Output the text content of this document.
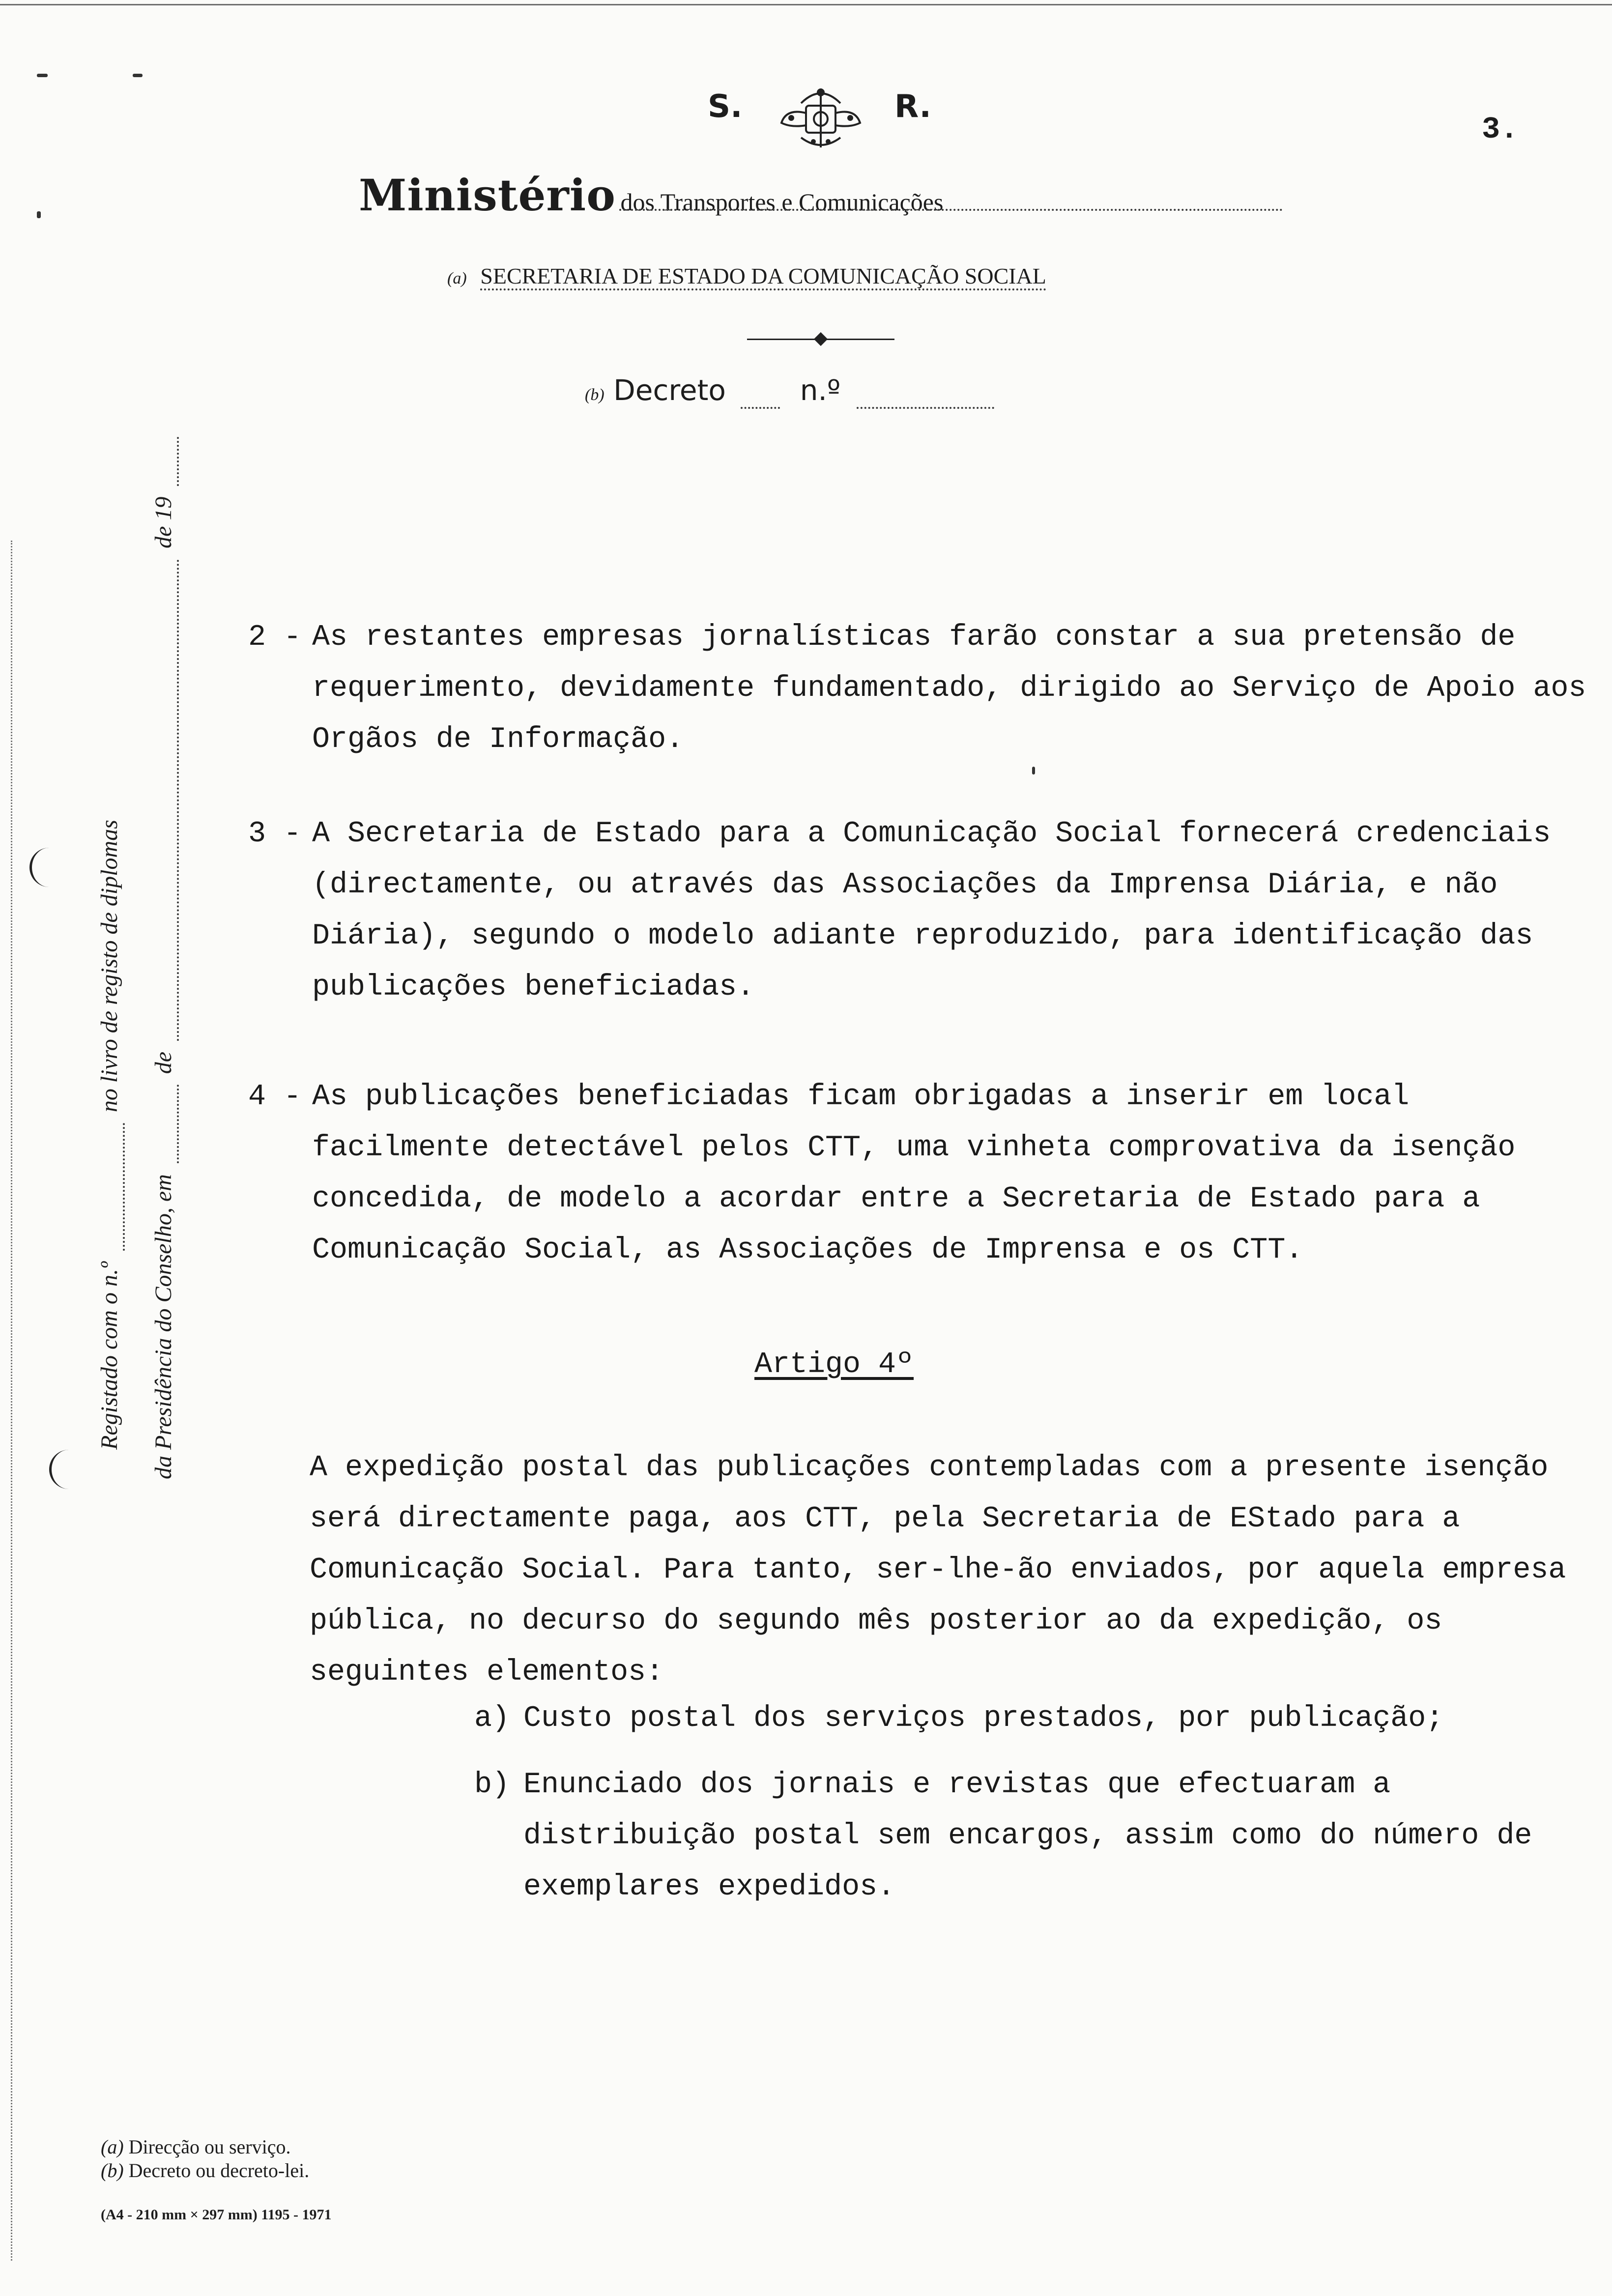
S.	R.
3.
Ministério dos Transportes e Comunicações
(a) SECRETARIA DE ESTADO DA COMUNICAÇÃO SOCIAL
(b) Decreto	n.º
Registado com o n.º   no livro de registo de diplomas
da Presidência do Conselho, em   de   de 19
2 - As restantes empresas jornalísticas farão constar a sua pretensão de requerimento, devidamente fundamentado, dirigido ao Serviço de Apoio aos Orgãos de Informação.
3 - A Secretaria de Estado para a Comunicação Social fornecerá credenciais (directamente, ou através das Associações da Imprensa Diária, e não Diária), segundo o modelo adiante reproduzido, para identificação das publicações beneficiadas.
4 - As publicações beneficiadas ficam obrigadas a inserir em local facilmente detectável pelos CTT, uma vinheta comprovativa da isenção concedida, de modelo a acordar entre a Secretaria de Estado para a Comunicação Social, as Associações de Imprensa e os CTT.
Artigo 4º
A expedição postal das publicações contempladas com a presente isenção será directamente paga, aos CTT, pela Secretaria de EStado para a Comunicação Social. Para tanto, ser-lhe-ão enviados, por aquela empresa pública, no decurso do segundo mês posterior ao da expedição, os seguintes elementos:
a) Custo postal dos serviços prestados, por publicação;
b) Enunciado dos jornais e revistas que efectuaram a distribuição postal sem encargos, assim como do número de exemplares expedidos.
(a) Direcção ou serviço.
(b) Decreto ou decreto-lei.
(A4 - 210 mm × 297 mm) 1195 - 1971
